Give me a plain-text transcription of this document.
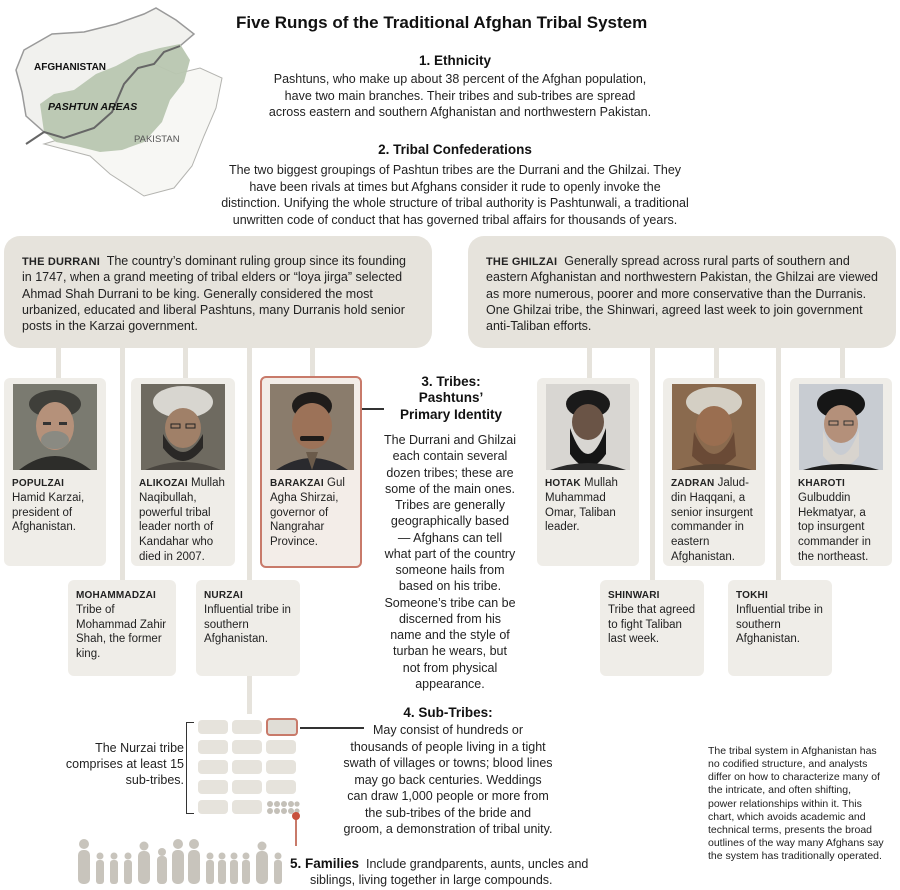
AFGHANISTAN
PASHTUN AREAS
PAKISTAN
Five Rungs of the Traditional Afghan Tribal System
1. Ethnicity
Pashtuns, who make up about 38 percent of the Afghan population,
have two main branches. Their tribes and sub-tribes are spread
across eastern and southern Afghanistan and northwestern Pakistan.
2. Tribal Confederations
The two biggest groupings of Pashtun tribes are the Durrani and the Ghilzai. They
have been rivals at times but Afghans consider it rude to openly invoke the
distinction. Unifying the whole structure of tribal authority is Pashtunwali, a traditional
unwritten code of conduct that has governed tribal affairs for thousands of years.

THE DURRANI The country’s dominant ruling group since its founding in 1747, when a grand meeting of tribal elders or “loya jirga” selected Ahmad Shah Durrani to be king. Generally considered the most urbanized, educated and liberal Pashtuns, many Durranis hold senior posts in the Karzai government.

THE GHILZAI Generally spread across rural parts of southern and eastern Afghanistan and northwestern Pakistan, the Ghilzai are viewed as more numerous, poorer and more conservative than the Durranis. One Ghilzai tribe, the Shinwari, agreed last week to join government anti-Taliban efforts.

POPULZAI
Hamid Karzai, president of Afghanistan.

ALIKOZAI Mullah Naqibullah, powerful tribal leader north of Kandahar who died in 2007.

BARAKZAI Gul Agha Shirzai, governor of Nangrahar Province.

HOTAK Mullah Muhammad Omar, Taliban leader.

ZADRAN Jalud-din Haqqani, a senior insurgent commander in eastern Afghanistan.

KHAROTI
Gulbuddin Hekmatyar, a top insurgent commander in the northeast.

3. Tribes:
Pashtuns’
Primary Identity
The Durrani and Ghilzai
each contain several
dozen tribes; these are
some of the main ones.
Tribes are generally
geographically based
— Afghans can tell
what part of the country
someone hails from
based on his tribe.
Someone’s tribe can be
discerned from his
name and the style of
turban he wears, but
not from physical
appearance.

MOHAMMADZAI
Tribe of Mohammad Zahir Shah, the former king.

NURZAI
Influential tribe in southern Afghanistan.

SHINWARI
Tribe that agreed to fight Taliban last week.

TOKHI
Influential tribe in southern Afghanistan.

4. Sub-Tribes:
The Nurzai tribe
comprises at least 15
sub-tribes.
May consist of hundreds or
thousands of people living in a tight
swath of villages or towns; blood lines
may go back centuries. Weddings
can draw 1,000 people or more from
the sub-tribes of the bride and
groom, a demonstration of tribal unity.
5. Families Include grandparents, aunts, uncles and
siblings, living together in large compounds.
The tribal system in Afghanistan has
no codified structure, and analysts
differ on how to characterize many of
the intricate, and often shifting,
power relationships within it. This
chart, which avoids academic and
technical terms, presents the broad
outlines of the way many Afghans say
the system has traditionally operated.
